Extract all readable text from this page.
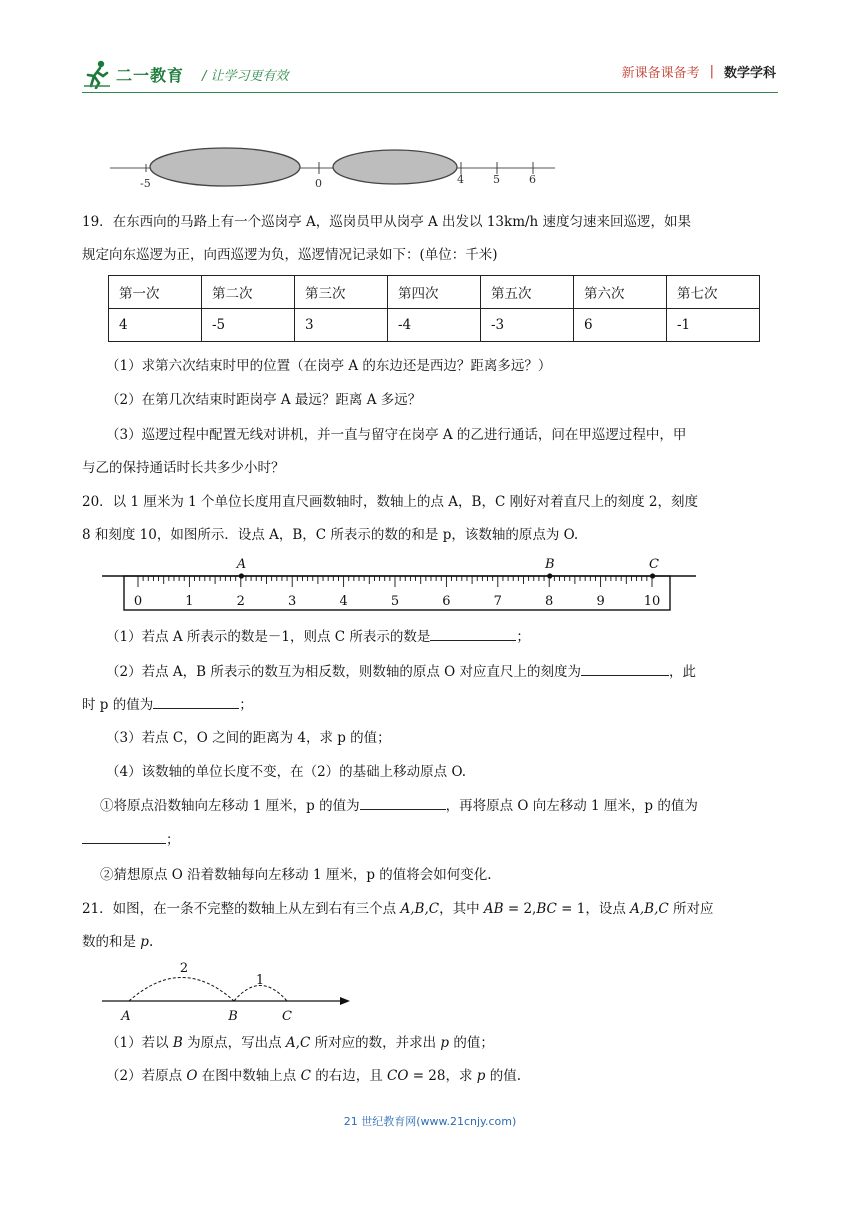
二一教育 / 让学习更有效	新课备课备考 | 数学学科
-5	0	4	5	6
19．在东西向的马路上有一个巡岗亭 A，巡岗员甲从岗亭 A 出发以 13km/h 速度匀速来回巡逻，如果
规定向东巡逻为正，向西巡逻为负，巡逻情况记录如下：(单位：千米)
第一次	第二次	第三次	第四次	第五次	第六次	第七次
4	-5	3	-4	-3	6	-1
（1）求第六次结束时甲的位置（在岗亭 A 的东边还是西边？距离多远？）
（2）在第几次结束时距岗亭 A 最远？距离 A 多远？
（3）巡逻过程中配置无线对讲机，并一直与留守在岗亭 A 的乙进行通话，问在甲巡逻过程中，甲
与乙的保持通话时长共多少小时？
20．以 1 厘米为 1 个单位长度用直尺画数轴时，数轴上的点 A，B，C 刚好对着直尺上的刻度 2，刻度
8 和刻度 10，如图所示．设点 A，B，C 所表示的数的和是 p，该数轴的原点为 O.
0	1	2	3	4	5	6	7	8	9	10
A	B	C
（1）若点 A 所表示的数是－1，则点 C 所表示的数是	；
（2）若点 A，B 所表示的数互为相反数，则数轴的原点 O 对应直尺上的刻度为	，此
时 p 的值为	；
（3）若点 C，O 之间的距离为 4，求 p 的值；
（4）该数轴的单位长度不变，在（2）的基础上移动原点 O.
①将原点沿数轴向左移动 1 厘米，p 的值为	，再将原点 O 向左移动 1 厘米，p 的值为
；
②猜想原点 O 沿着数轴每向左移动 1 厘米，p 的值将会如何变化.
21．如图，在一条不完整的数轴上从左到右有三个点 A,B,C，其中 AB = 2,BC = 1，设点 A,B,C 所对应
数的和是 p.
2
1
A	B	C
（1）若以 B 为原点，写出点 A,C 所对应的数，并求出 p 的值；
（2）若原点 O 在图中数轴上点 C 的右边，且 CO = 28，求 p 的值.
21 世纪教育网(www.21cnjy.com)
